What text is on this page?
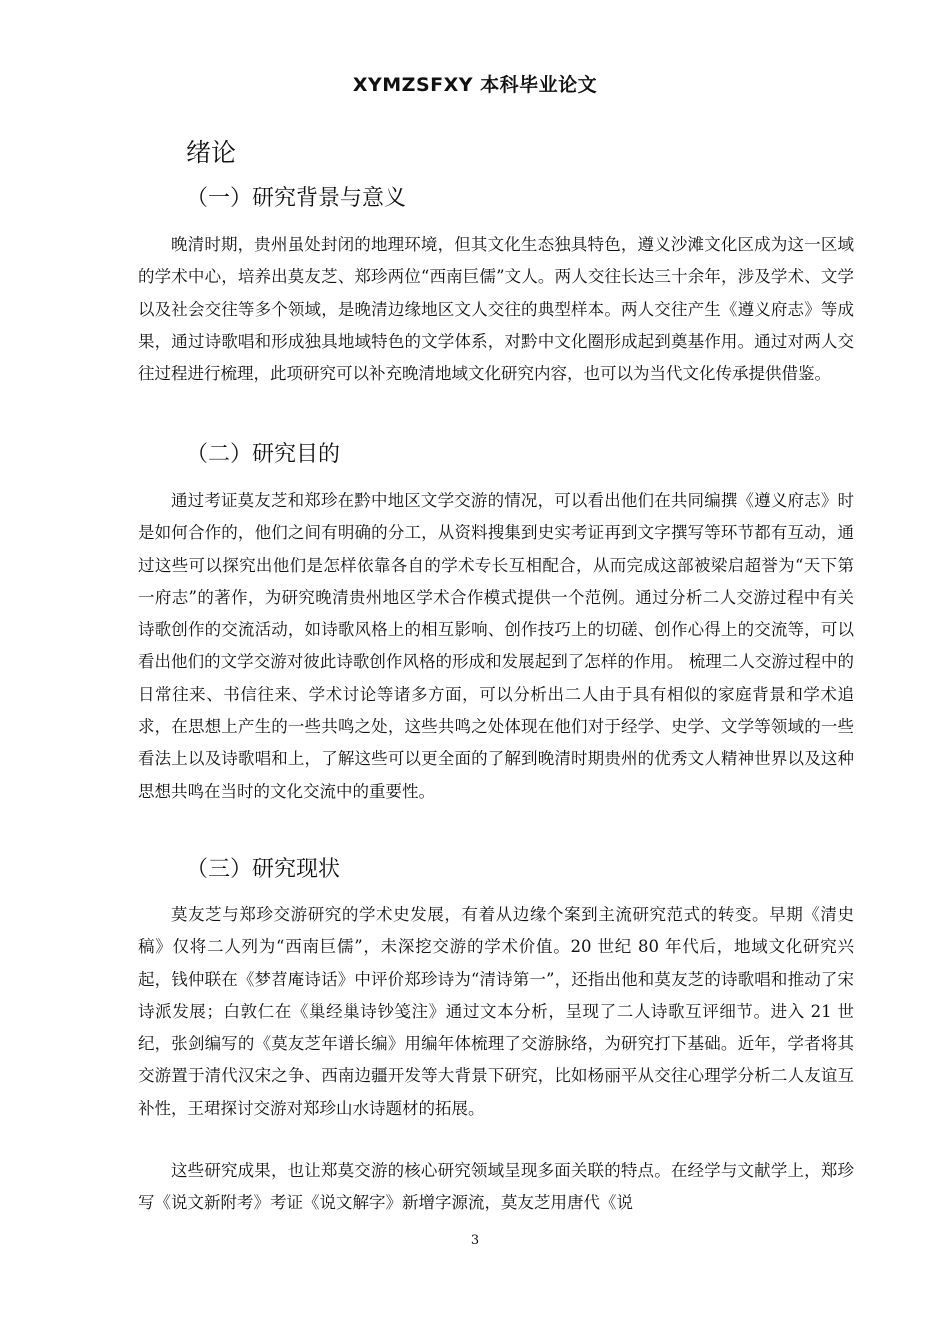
XYMZSFXY 本科毕业论文
绪论
（一）研究背景与意义
晚清时期，贵州虽处封闭的地理环境，但其文化生态独具特色，遵义沙滩文化区成为这一区域的学术中心，培养出莫友芝、郑珍两位“西南巨儒”文人。两人交往长达三十余年，涉及学术、文学以及社会交往等多个领域，是晚清边缘地区文人交往的典型样本。两人交往产生《遵义府志》等成果，通过诗歌唱和形成独具地域特色的文学体系，对黔中文化圈形成起到奠基作用。通过对两人交往过程进行梳理，此项研究可以补充晚清地域文化研究内容，也可以为当代文化传承提供借鉴。
（二）研究目的
通过考证莫友芝和郑珍在黔中地区文学交游的情况，可以看出他们在共同编撰《遵义府志》时是如何合作的，他们之间有明确的分工，从资料搜集到史实考证再到文字撰写等环节都有互动，通过这些可以探究出他们是怎样依靠各自的学术专长互相配合，从而完成这部被梁启超誉为“天下第一府志”的著作，为研究晚清贵州地区学术合作模式提供一个范例。通过分析二人交游过程中有关诗歌创作的交流活动，如诗歌风格上的相互影响、创作技巧上的切磋、创作心得上的交流等，可以看出他们的文学交游对彼此诗歌创作风格的形成和发展起到了怎样的作用。 梳理二人交游过程中的日常往来、书信往来、学术讨论等诸多方面，可以分析出二人由于具有相似的家庭背景和学术追求，在思想上产生的一些共鸣之处，这些共鸣之处体现在他们对于经学、史学、文学等领域的一些看法上以及诗歌唱和上，了解这些可以更全面的了解到晚清时期贵州的优秀文人精神世界以及这种思想共鸣在当时的文化交流中的重要性。
（三）研究现状
莫友芝与郑珍交游研究的学术史发展，有着从边缘个案到主流研究范式的转变。早期《清史稿》仅将二人列为“西南巨儒”，未深挖交游的学术价值。20 世纪 80 年代后，地域文化研究兴起，钱仲联在《梦苕庵诗话》中评价郑珍诗为“清诗第一”，还指出他和莫友芝的诗歌唱和推动了宋诗派发展；白敦仁在《巢经巢诗钞笺注》通过文本分析，呈现了二人诗歌互评细节。进入 21 世纪，张剑编写的《莫友芝年谱长编》用编年体梳理了交游脉络，为研究打下基础。近年，学者将其交游置于清代汉宋之争、西南边疆开发等大背景下研究，比如杨丽平从交往心理学分析二人友谊互补性，王珺探讨交游对郑珍山水诗题材的拓展。
这些研究成果，也让郑莫交游的核心研究领域呈现多面关联的特点。在经学与文献学上，郑珍写《说文新附考》考证《说文解字》新增字源流，莫友芝用唐代《说
3
